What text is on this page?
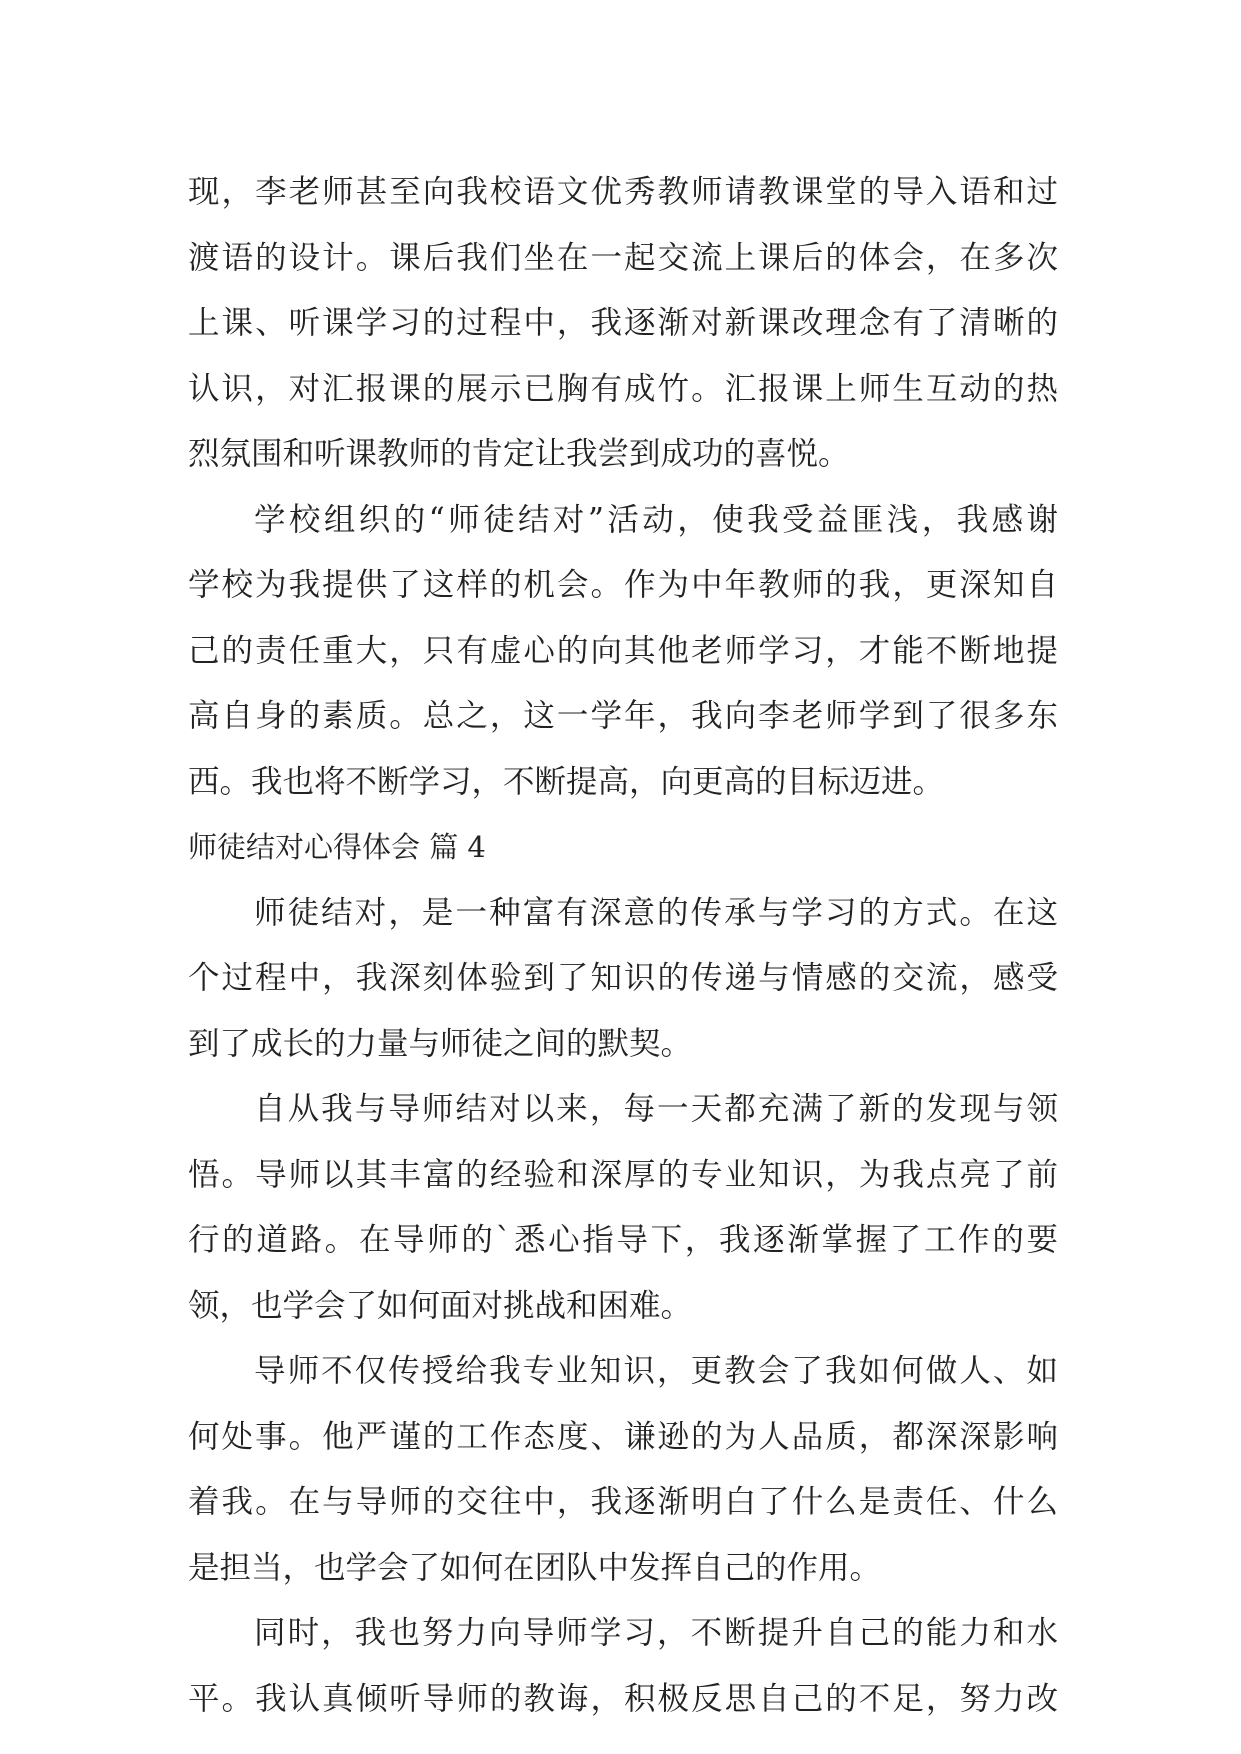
现，李老师甚至向我校语文优秀教师请教课堂的导入语和过
渡语的设计。课后我们坐在一起交流上课后的体会，在多次
上课、听课学习的过程中，我逐渐对新课改理念有了清晰的
认识，对汇报课的展示已胸有成竹。汇报课上师生互动的热
烈氛围和听课教师的肯定让我尝到成功的喜悦。
学校组织的“师徒结对”活动，使我受益匪浅，我感谢
学校为我提供了这样的机会。作为中年教师的我，更深知自
己的责任重大，只有虚心的向其他老师学习，才能不断地提
高自身的素质。总之，这一学年，我向李老师学到了很多东
西。我也将不断学习，不断提高，向更高的目标迈进。
师徒结对心得体会 篇 4
师徒结对，是一种富有深意的传承与学习的方式。在这
个过程中，我深刻体验到了知识的传递与情感的交流，感受
到了成长的力量与师徒之间的默契。
自从我与导师结对以来，每一天都充满了新的发现与领
悟。导师以其丰富的经验和深厚的专业知识，为我点亮了前
行的道路。在导师的`悉心指导下，我逐渐掌握了工作的要
领，也学会了如何面对挑战和困难。
导师不仅传授给我专业知识，更教会了我如何做人、如
何处事。他严谨的工作态度、谦逊的为人品质，都深深影响
着我。在与导师的交往中，我逐渐明白了什么是责任、什么
是担当，也学会了如何在团队中发挥自己的作用。
同时，我也努力向导师学习，不断提升自己的能力和水
平。我认真倾听导师的教诲，积极反思自己的不足，努力改
